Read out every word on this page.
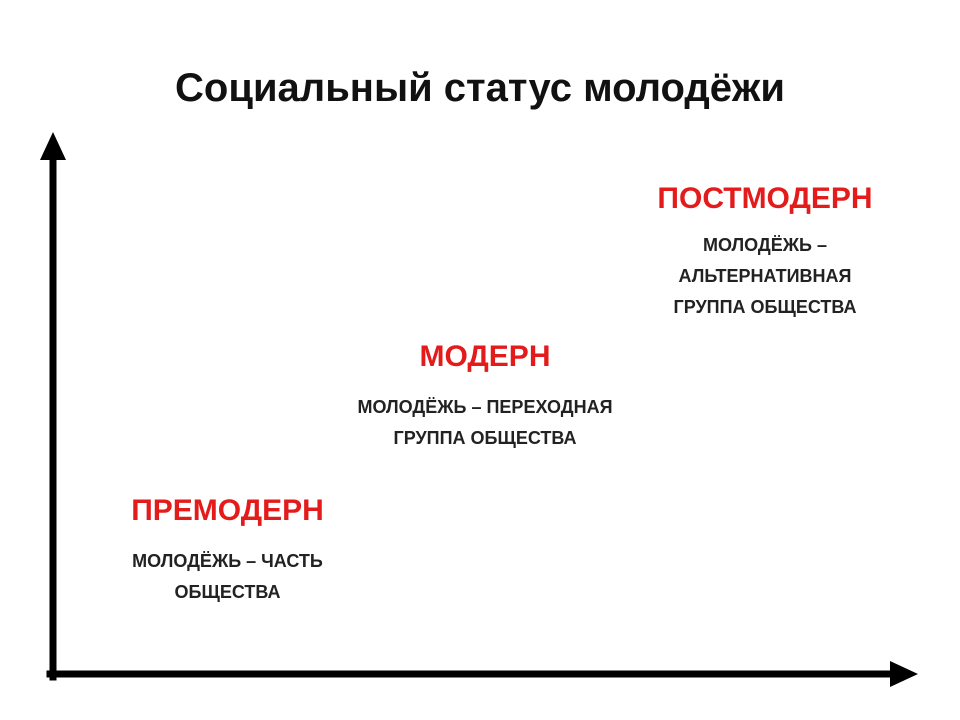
Социальный статус молодёжи
ПРЕМОДЕРН
МОЛОДЁЖЬ – ЧАСТЬ
ОБЩЕСТВА
МОДЕРН
МОЛОДЁЖЬ – ПЕРЕХОДНАЯ
ГРУППА ОБЩЕСТВА
ПОСТМОДЕРН
МОЛОДЁЖЬ –
АЛЬТЕРНАТИВНАЯ
ГРУППА ОБЩЕСТВА
